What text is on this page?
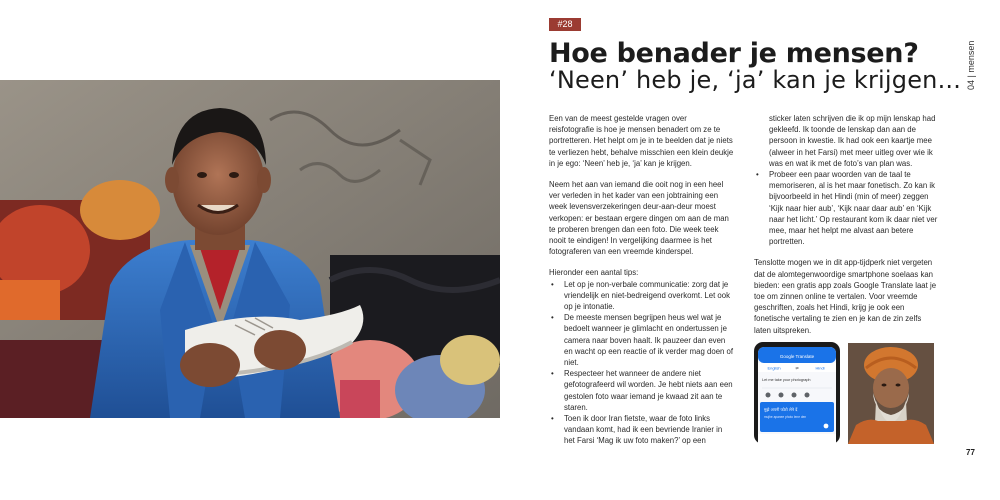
#28
Hoe benader je mensen?
‘Neen’ heb je, ‘ja’ kan je krijgen... 04 | mensen

Een van de meest gestelde vragen over reisfotografie is hoe je mensen benadert om ze te portretteren. Het helpt om je in te beelden dat je niets te verliezen hebt, behalve misschien een klein deukje in je ego: ‘Neen’ heb je, ‘ja’ kan je krijgen.

Neem het aan van iemand die ooit nog in een heel ver verleden in het kader van een jobtraining een week levensverzekeringen deur-aan-deur moest verkopen: er bestaan ergere dingen om aan de man te proberen brengen dan een foto. Die week teek nooit te eindigen! In vergelijking daarmee is het fotograferen van een vreemde kinderspel.

Hieronder een aantal tips:

• Let op je non-verbale communicatie: zorg dat je vriendelijk en niet-bedreigend overkomt. Let ook op je intonatie.
• De meeste mensen begrijpen heus wel wat je bedoelt wanneer je glimlacht en ondertussen je camera naar boven haalt. Ik pauzeer dan even en wacht op een reactie of ik verder mag doen of niet.
• Respecteer het wanneer de andere niet gefotografeerd wil worden. Je hebt niets aan een gestolen foto waar iemand je kwaad zit aan te staren.
• Toen ik door Iran fietste, waar de foto links vandaan komt, had ik een bevriende Iranier in het Farsi ‘Mag ik uw foto maken?’ op een

sticker laten schrijven die ik op mijn lenskap had gekleefd. Ik toonde de lenskap dan aan de persoon in kwestie. Ik had ook een kaartje mee (alweer in het Farsi) met meer uitleg over wie ik was en wat ik met de foto’s van plan was.

• Probeer een paar woorden van de taal te memoriseren, al is het maar fonetisch. Zo kan ik bijvoorbeeld in het Hindi (min of meer) zeggen ‘Kijk naar hier aub’, ‘Kijk naar daar aub’ en ‘Kijk naar het licht.’ Op restaurant kom ik daar niet ver mee, maar het helpt me alvast aan betere portretten.

Tenslotte mogen we in dit app-tijdperk niet vergeten dat de alomtegenwoordige smartphone soelaas kan bieden: een gratis app zoals Google Translate laat je toe om zinnen online te vertalen. Voor vreemde geschriften, zoals het Hindi, krijg je ook een fonetische vertaling te zien en je kan de zin zelfs laten uitspreken.

Google Translate
English	⇄	Hindi
Let me take your photograph
मुझे अपनी फोटो लेने दें
mujhe apanee photo lene den
77
